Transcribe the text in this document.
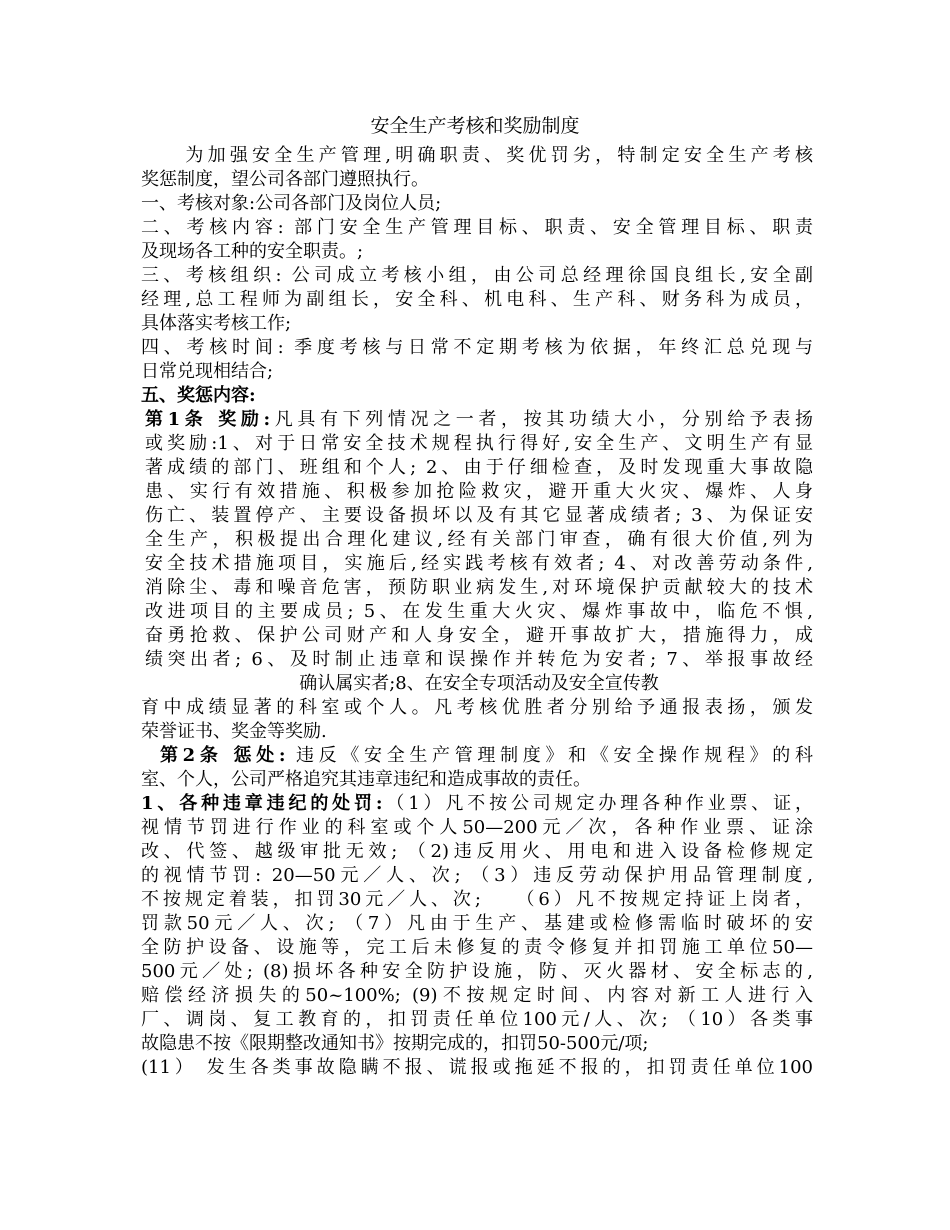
安全生产考核和奖励制度
　　为加强安全生产管理,明确职责、奖优罚劣，特制定安全生产考核
奖惩制度，望公司各部门遵照执行。
一、考核对象:公司各部门及岗位人员;
二、考核内容: 部门安全生产管理目标、职责、安全管理目标、职责
及现场各工种的安全职责。;
三、考核组织: 公司成立考核小组，由公司总经理徐国良组长,安全副
经理,总工程师为副组长，安全科、机电科、生产科、财务科为成员，
具体落实考核工作;
四、考核时间: 季度考核与日常不定期考核为依据，年终汇总兑现与
日常兑现相结合;
五、奖惩内容:
第1条 奖励:凡具有下列情况之一者，按其功绩大小，分别给予表扬
或奖励:1、对于日常安全技术规程执行得好,安全生产、文明生产有显
著成绩的部门、班组和个人; 2、由于仔细检查，及时发现重大事故隐
患、实行有效措施、积极参加抢险救灾，避开重大火灾、爆炸、人身
伤亡、装置停产、主要设备损坏以及有其它显著成绩者; 3、为保证安
全生产，积极提出合理化建议,经有关部门审查，确有很大价值,列为
安全技术措施项目，实施后,经实践考核有效者; 4、对改善劳动条件,
消除尘、毒和噪音危害，预防职业病发生,对环境保护贡献较大的技术
改进项目的主要成员; 5、在发生重大火灾、爆炸事故中，临危不惧,
奋勇抢救、保护公司财产和人身安全，避开事故扩大，措施得力，成
绩突出者; 6、及时制止违章和误操作并转危为安者; 7、举报事故经
确认属实者;8、在安全专项活动及安全宣传教
育中成绩显著的科室或个人。凡考核优胜者分别给予通报表扬，颁发
荣誉证书、奖金等奖励.
第2条 惩处: 违反《安全生产管理制度》和《安全操作规程》的科
室、个人，公司严格追究其违章违纪和造成事故的责任。
1、各种违章违纪的处罚:（1）凡不按公司规定办理各种作业票、证，
视情节罚进行作业的科室或个人50—200元／次，各种作业票、证涂
改、代签、越级审批无效; （2)违反用火、用电和进入设备检修规定
的视情节罚: 20—50元／人、次; （3）违反劳动保护用品管理制度,
不按规定着装，扣罚30元／人、次;　 （6）凡不按规定持证上岗者，
罚款50元／人、次; （7）凡由于生产、基建或检修需临时破坏的安
全防护设备、设施等，完工后未修复的责令修复并扣罚施工单位50—
500元／处; (8)损坏各种安全防护设施，防、灭火器材、安全标志的,
赔偿经济损失的50~100%; (9)不按规定时间、内容对新工人进行入
厂、调岗、复工教育的，扣罚责任单位100元/人、次; （10）各类事
故隐患不按《限期整改通知书》按期完成的，扣罚50-500元/项;
(11） 发生各类事故隐瞒不报、谎报或拖延不报的，扣罚责任单位100
